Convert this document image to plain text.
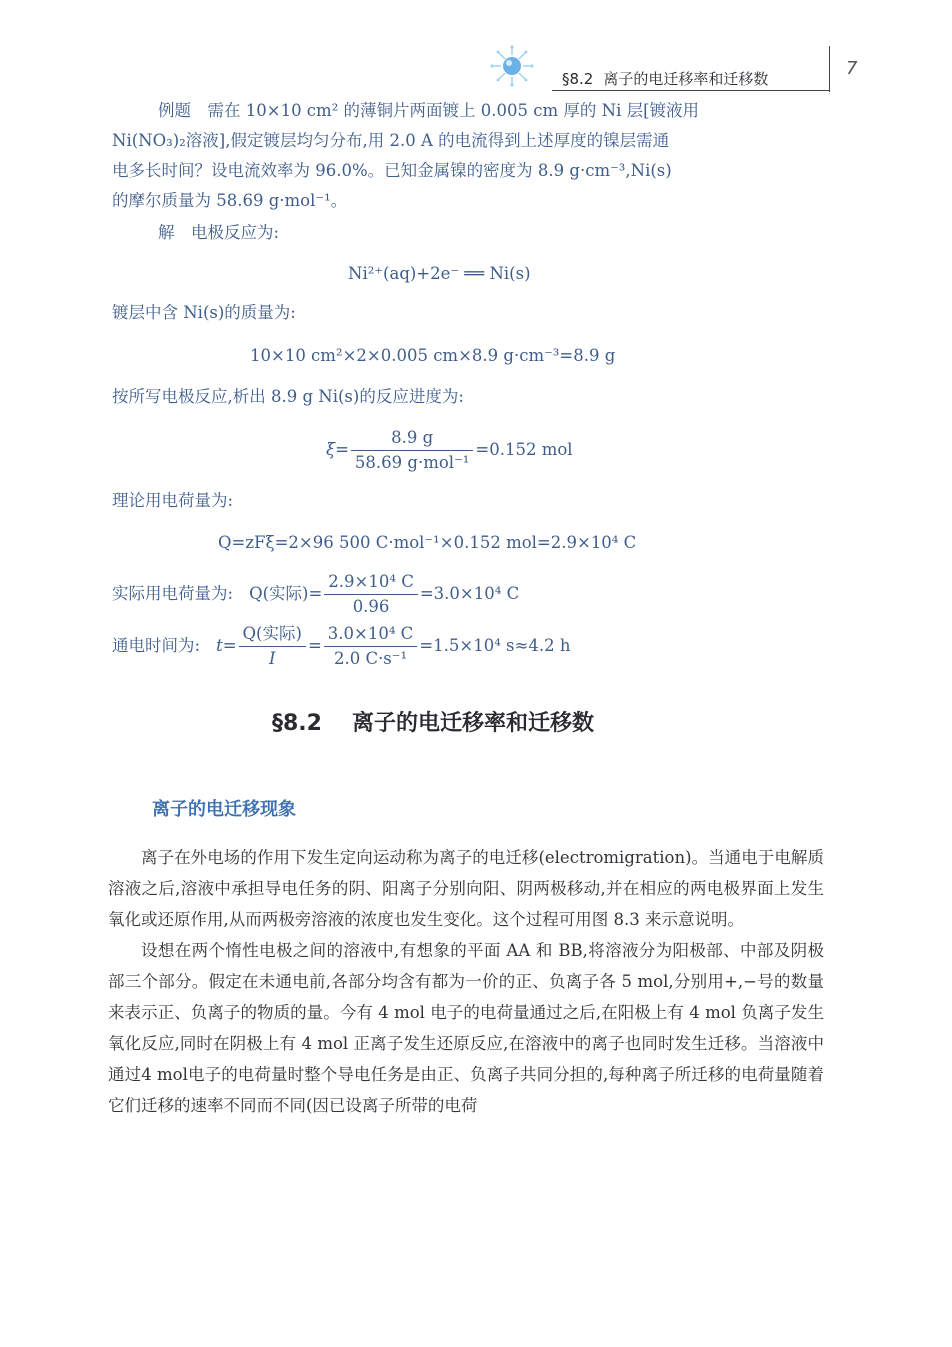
§8.2 离子的电迁移率和迁移数	7
例题　需在 10×10 cm² 的薄铜片两面镀上 0.005 cm 厚的 Ni 层[镀液用
Ni(NO₃)₂溶液],假定镀层均匀分布,用 2.0 A 的电流得到上述厚度的镍层需通
电多长时间？设电流效率为 96.0%。已知金属镍的密度为 8.9 g·cm⁻³,Ni(s)
的摩尔质量为 58.69 g·mol⁻¹。
解　电极反应为:
Ni²⁺(aq)+2e⁻ ══ Ni(s)
镀层中含 Ni(s)的质量为:
10×10 cm²×2×0.005 cm×8.9 g·cm⁻³=8.9 g
按所写电极反应,析出 8.9 g Ni(s)的反应进度为:
$\xi= \frac{8.9 g}{\text{58.69 g·mol⁻¹}} =0.152$ mol
理论用电荷量为:
Q=zFξ=2×96 500 C·mol⁻¹×0.152 mol=2.9×10⁴ C
实际用电荷量为: Q(实际)= $\frac{\text{2.9×10⁴ C}}{0.96} =3.0\times 10^4$ C
通电时间为: $t= \frac{\text{Q(实际)}}{I} = \frac{\text{3.0×10⁴ C}}{\text{2.0 C·s⁻¹}} =1.5\times 10^4$ s≈4.2 h
§8.2 离子的电迁移率和迁移数
离子的电迁移现象

离子在外电场的作用下发生定向运动称为离子的电迁移(electromigration)。当通电于电解质溶液之后,溶液中承担导电任务的阴、阳离子分别向阳、阴两极移动,并在相应的两电极界面上发生氧化或还原作用,从而两极旁溶液的浓度也发生变化。这个过程可用图 8.3 来示意说明。

设想在两个惰性电极之间的溶液中,有想象的平面 AA 和 BB,将溶液分为阳极部、中部及阴极部三个部分。假定在未通电前,各部分均含有都为一价的正、负离子各 5 mol,分别用+,−号的数量来表示正、负离子的物质的量。今有 4 mol 电子的电荷量通过之后,在阳极上有 4 mol 负离子发生氧化反应,同时在阴极上有 4 mol 正离子发生还原反应,在溶液中的离子也同时发生迁移。当溶液中通过4 mol电子的电荷量时整个导电任务是由正、负离子共同分担的,每种离子所迁移的电荷量随着它们迁移的速率不同而不同(因已设离子所带的电荷
